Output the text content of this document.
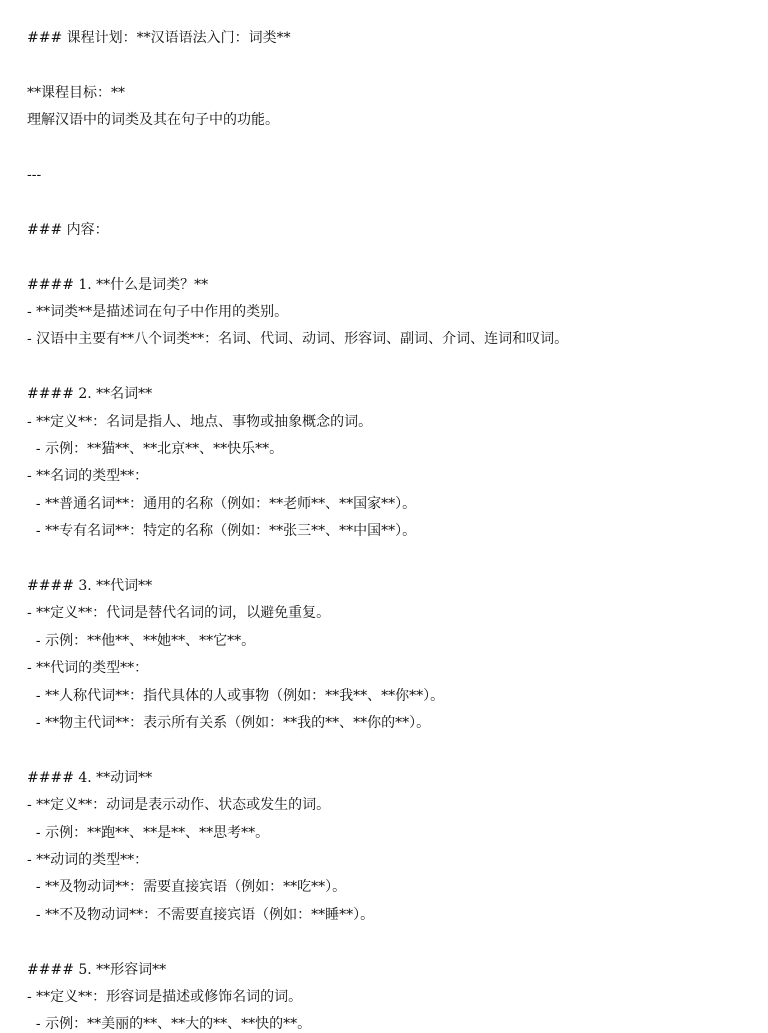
### 课程计划：**汉语语法入门：词类**
**课程目标：**
理解汉语中的词类及其在句子中的功能。
---
### 内容：
#### 1. **什么是词类？**
- **词类**是描述词在句子中作用的类别。
- 汉语中主要有**八个词类**：名词、代词、动词、形容词、副词、介词、连词和叹词。
#### 2. **名词**
- **定义**：名词是指人、地点、事物或抽象概念的词。
- 示例：**猫**、**北京**、**快乐**。
- **名词的类型**：
- **普通名词**：通用的名称（例如：**老师**、**国家**）。
- **专有名词**：特定的名称（例如：**张三**、**中国**）。
#### 3. **代词**
- **定义**：代词是替代名词的词，以避免重复。
- 示例：**他**、**她**、**它**。
- **代词的类型**：
- **人称代词**：指代具体的人或事物（例如：**我**、**你**）。
- **物主代词**：表示所有关系（例如：**我的**、**你的**）。
#### 4. **动词**
- **定义**：动词是表示动作、状态或发生的词。
- 示例：**跑**、**是**、**思考**。
- **动词的类型**：
- **及物动词**：需要直接宾语（例如：**吃**）。
- **不及物动词**：不需要直接宾语（例如：**睡**）。
#### 5. **形容词**
- **定义**：形容词是描述或修饰名词的词。
- 示例：**美丽的**、**大的**、**快的**。
